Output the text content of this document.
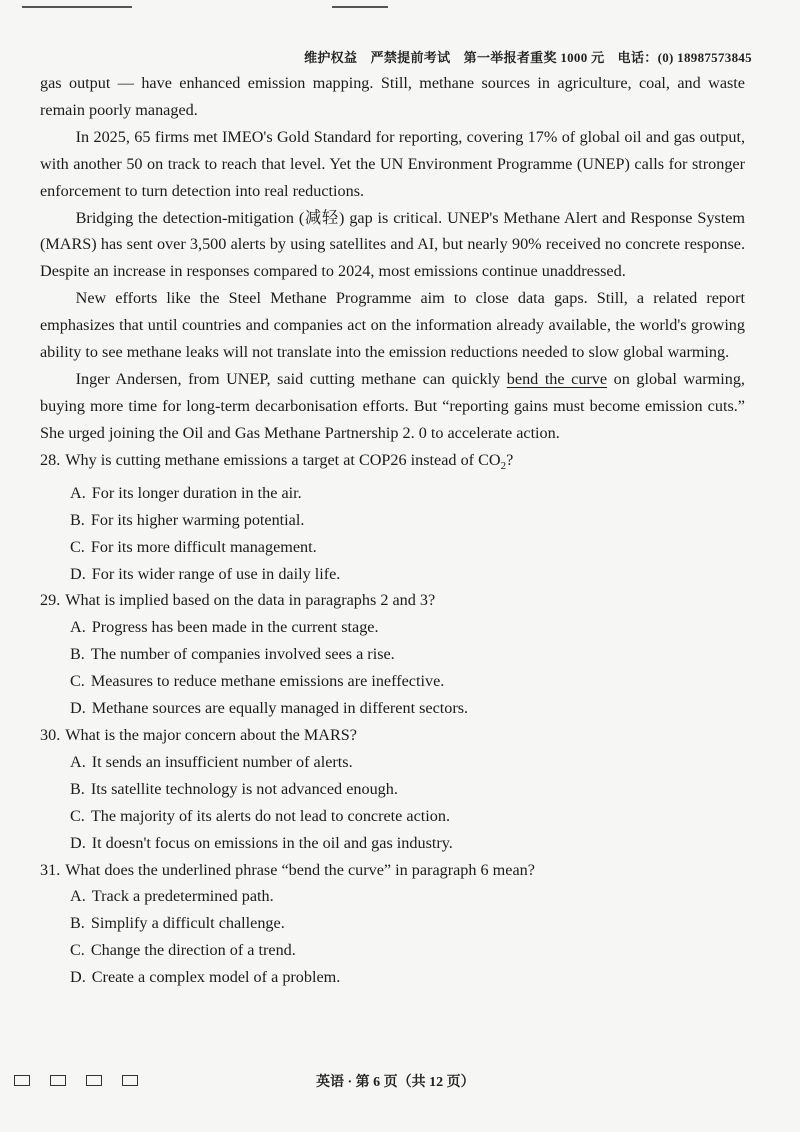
维护权益　严禁提前考试　第一举报者重奖 1000 元　电话：(0) 18987573845

gas output — have enhanced emission mapping. Still, methane sources in agriculture, coal, and waste remain poorly managed.

In 2025, 65 firms met IMEO's Gold Standard for reporting, covering 17% of global oil and gas output, with another 50 on track to reach that level. Yet the UN Environment Programme (UNEP) calls for stronger enforcement to turn detection into real reductions.

Bridging the detection-mitigation (减轻) gap is critical. UNEP's Methane Alert and Response System (MARS) has sent over 3,500 alerts by using satellites and AI, but nearly 90% received no concrete response. Despite an increase in responses compared to 2024, most emissions continue unaddressed.

New efforts like the Steel Methane Programme aim to close data gaps. Still, a related report emphasizes that until countries and companies act on the information already available, the world's growing ability to see methane leaks will not translate into the emission reductions needed to slow global warming.

Inger Andersen, from UNEP, said cutting methane can quickly bend the curve on global warming, buying more time for long-term decarbonisation efforts. But “reporting gains must become emission cuts.” She urged joining the Oil and Gas Methane Partnership 2. 0 to accelerate action.

28. Why is cutting methane emissions a target at COP26 instead of $CO_2$?

A. For its longer duration in the air.

B. For its higher warming potential.

C. For its more difficult management.

D. For its wider range of use in daily life.

29. What is implied based on the data in paragraphs 2 and 3?

A. Progress has been made in the current stage.

B. The number of companies involved sees a rise.

C. Measures to reduce methane emissions are ineffective.

D. Methane sources are equally managed in different sectors.

30. What is the major concern about the MARS?

A. It sends an insufficient number of alerts.

B. Its satellite technology is not advanced enough.

C. The majority of its alerts do not lead to concrete action.

D. It doesn't focus on emissions in the oil and gas industry.

31. What does the underlined phrase “bend the curve” in paragraph 6 mean?

A. Track a predetermined path.

B. Simplify a difficult challenge.

C. Change the direction of a trend.

D. Create a complex model of a problem.

英语 · 第 6 页（共 12 页）
